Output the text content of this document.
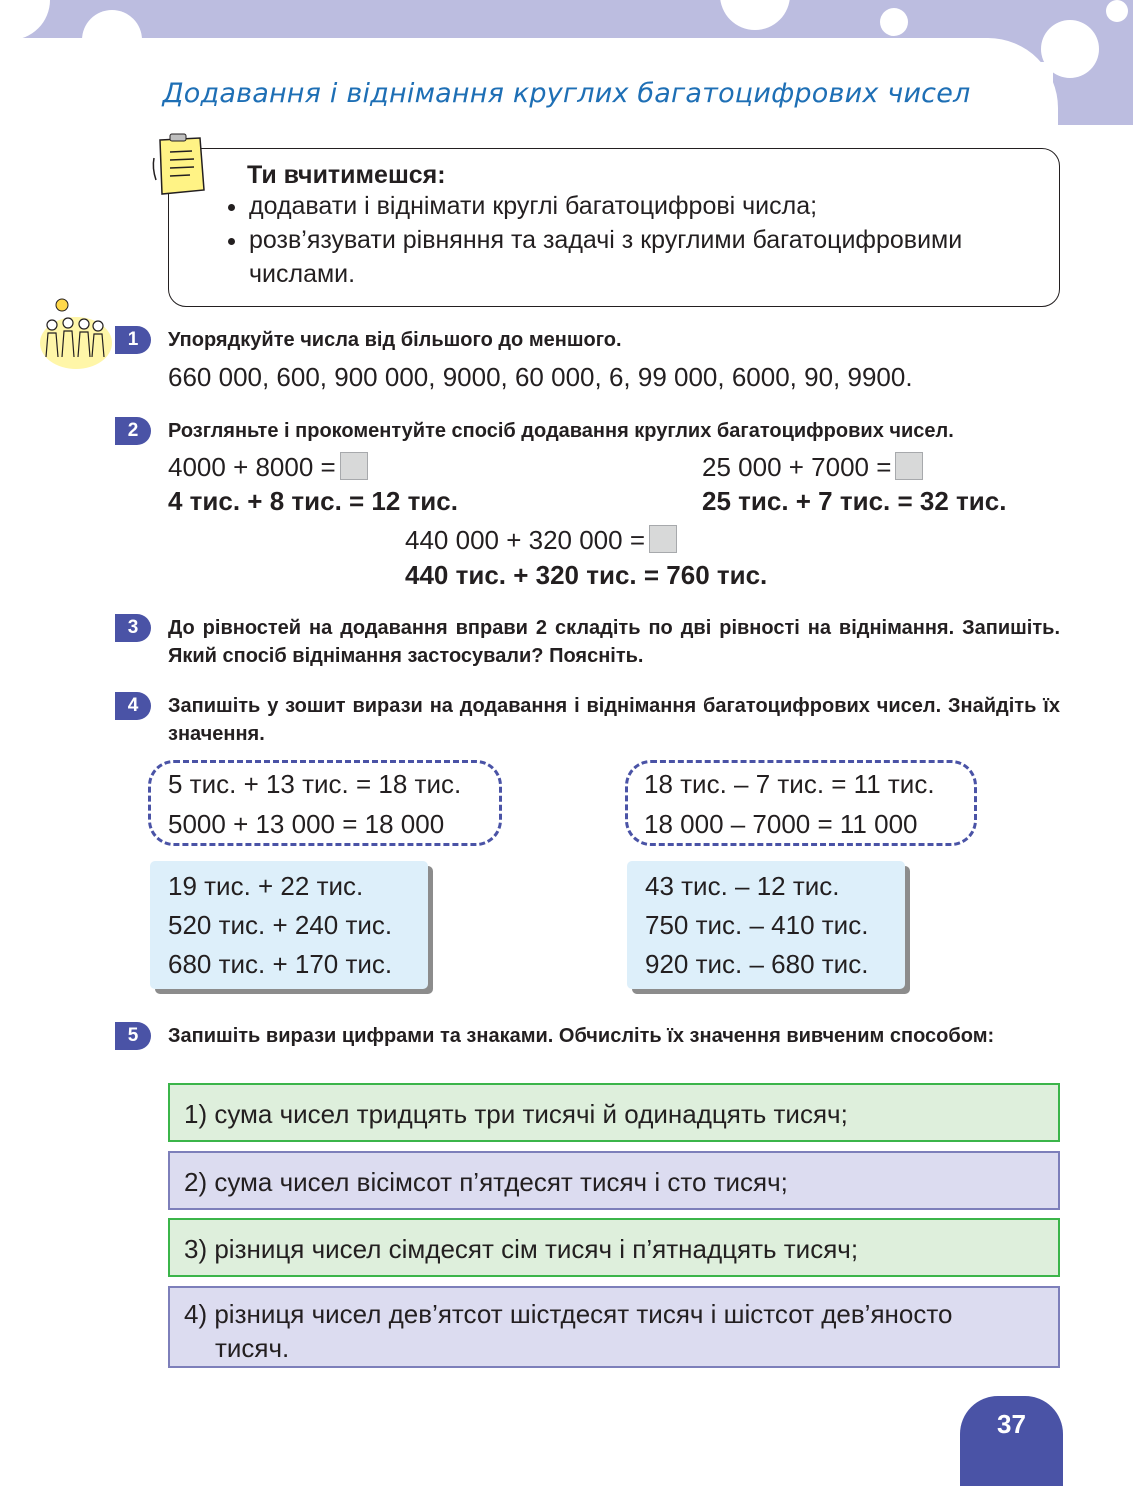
Додавання і віднімання круглих багатоцифрових чисел
Ти вчитимешся:
• додавати і віднімати круглі багатоцифрові числа;
• розв’язувати рівняння та задачі з круглими багатоцифровими числами.
1	Упорядкуйте числа від більшого до меншого.
660 000, 600, 900 000, 9000, 60 000, 6, 99 000, 6000, 90, 9900.
2	Розгляньте і прокоментуйте спосіб додавання круглих багатоцифрових чисел.
4000 + 8000 =
4 тис. + 8 тис. = 12 тис.
25 000 + 7000 =
25 тис. + 7 тис. = 32 тис.
440 000 + 320 000 =
440 тис. + 320 тис. = 760 тис.
3	До рівностей на додавання вправи 2 складіть по дві рівності на віднімання. Запишіть. Який спосіб віднімання застосували? Поясніть.
4	Запишіть у зошит вирази на додавання і віднімання багатоцифрових чисел. Знайдіть їх значення.
5 тис. + 13 тис. = 18 тис.
5000 + 13 000 = 18 000
18 тис. – 7 тис. = 11 тис.
18 000 – 7000 = 11 000
19 тис. + 22 тис.
520 тис. + 240 тис.
680 тис. + 170 тис.
43 тис. – 12 тис.
750 тис. – 410 тис.
920 тис. – 680 тис.
5	Запишіть вирази цифрами та знаками. Обчисліть їх значення вивченим способом:
1) сума чисел тридцять три тисячі й одинадцять тисяч;
2) сума чисел вісімсот п’ятдесят тисяч і сто тисяч;
3) різниця чисел сімдесят сім тисяч і п’ятнадцять тисяч;
4) різниця чисел дев’ятсот шістдесят тисяч і шістсот дев’яносто
тисяч.
37
